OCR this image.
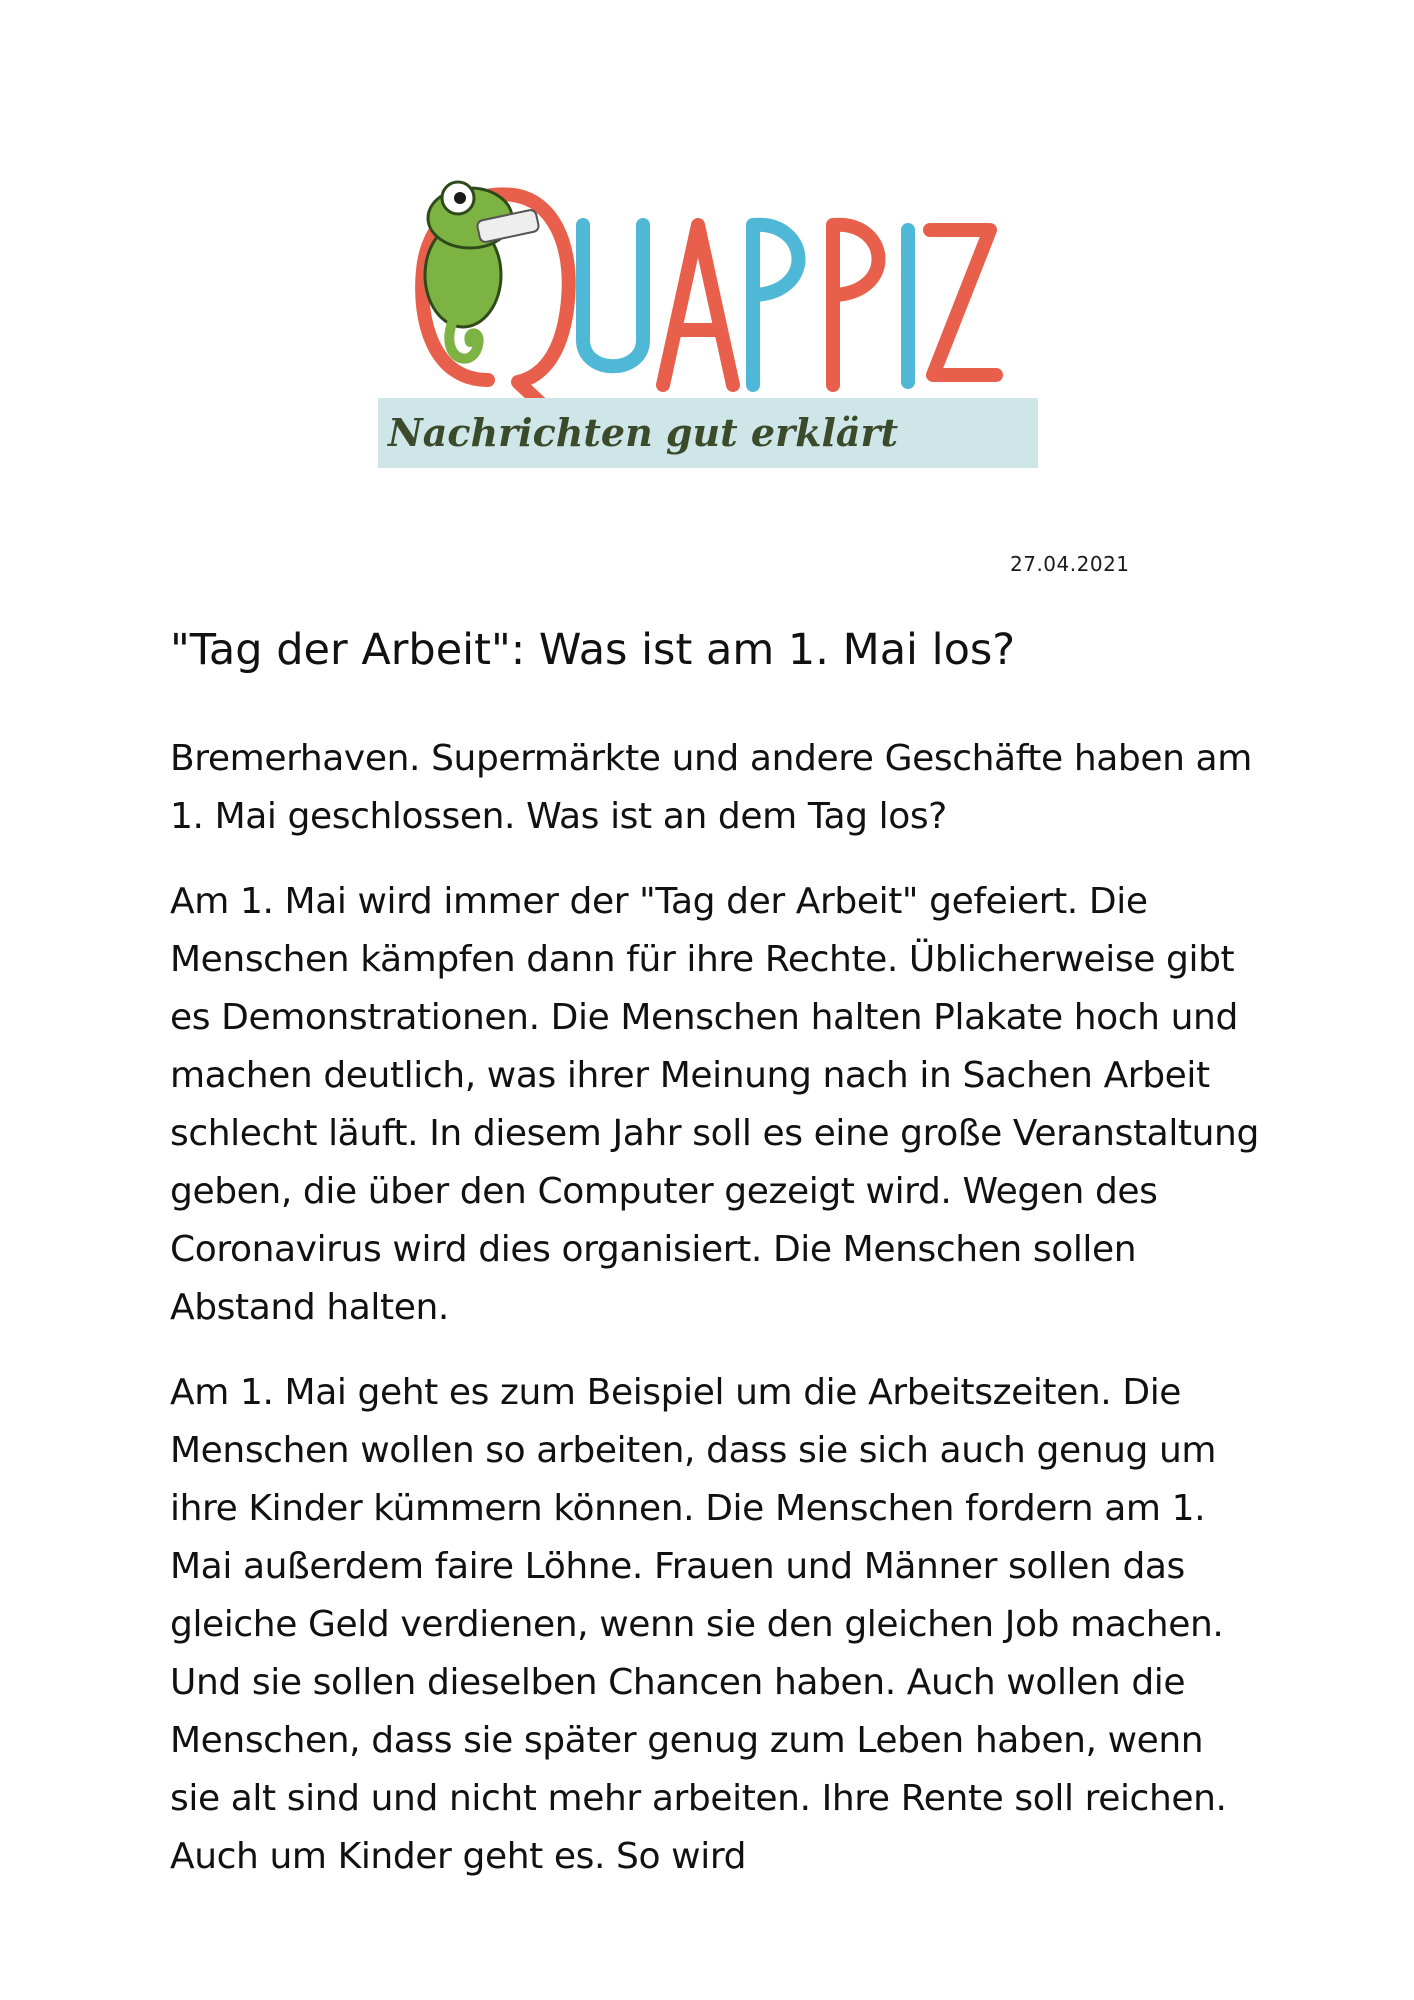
Nachrichten gut erklärt
27.04.2021
"Tag der Arbeit": Was ist am 1. Mai los?

Bremerhaven. Supermärkte und andere Geschäfte haben am 1. Mai geschlossen. Was ist an dem Tag los?

Am 1. Mai wird immer der "Tag der Arbeit" gefeiert. Die Menschen kämpfen dann für ihre Rechte. Üblicherweise gibt es Demonstrationen. Die Menschen halten Plakate hoch und machen deutlich, was ihrer Meinung nach in Sachen Arbeit schlecht läuft. In diesem Jahr soll es eine große Veranstaltung geben, die über den Computer gezeigt wird. Wegen des Coronavirus wird dies organisiert. Die Menschen sollen Abstand halten.

Am 1. Mai geht es zum Beispiel um die Arbeitszeiten. Die Menschen wollen so arbeiten, dass sie sich auch genug um ihre Kinder kümmern können. Die Menschen fordern am 1. Mai außerdem faire Löhne. Frauen und Männer sollen das gleiche Geld verdienen, wenn sie den gleichen Job machen. Und sie sollen dieselben Chancen haben. Auch wollen die Menschen, dass sie später genug zum Leben haben, wenn sie alt sind und nicht mehr arbeiten. Ihre Rente soll reichen. Auch um Kinder geht es. So wird
